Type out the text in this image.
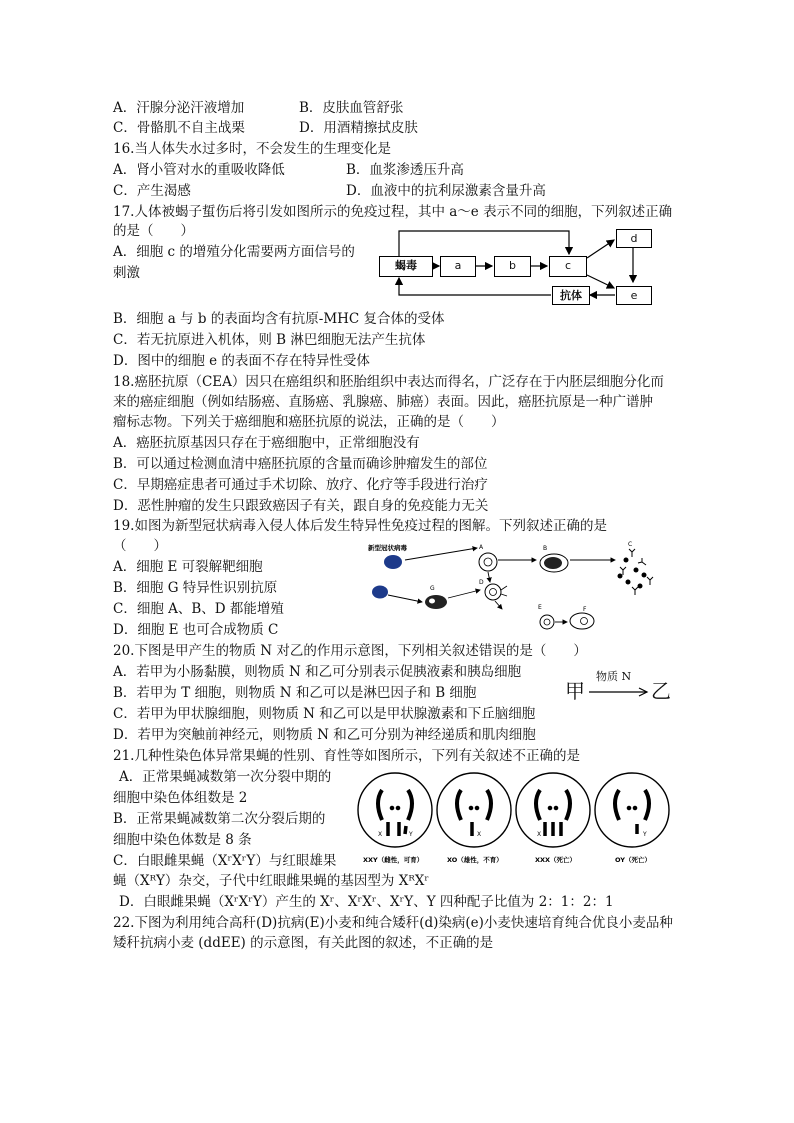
A．汗腺分泌汗液增加	B．皮肤血管舒张
C．骨骼肌不自主战栗	D．用酒精擦拭皮肤
16.当人体失水过多时，不会发生的生理变化是
A．肾小管对水的重吸收降低	B．血浆渗透压升高
C．产生渴感	D．血液中的抗利尿激素含量升高
17.人体被蝎子蜇伤后将引发如图所示的免疫过程，其中 a～e 表示不同的细胞，下列叙述正确
的是（　　）
A．细胞 c 的增殖分化需要两方面信号的
刺激	蝎毒	a	b	c
d
e
抗体
B．细胞 a 与 b 的表面均含有抗原-MHC 复合体的受体
C．若无抗原进入机体，则 B 淋巴细胞无法产生抗体
D．图中的细胞 e 的表面不存在特异性受体
18.癌胚抗原（CEA）因只在癌组织和胚胎组织中表达而得名，广泛存在于内胚层细胞分化而
来的癌症细胞（例如结肠癌、直肠癌、乳腺癌、肺癌）表面。因此，癌胚抗原是一种广谱肿
瘤标志物。下列关于癌细胞和癌胚抗原的说法，正确的是（　　）
A．癌胚抗原基因只存在于癌细胞中，正常细胞没有
B．可以通过检测血清中癌胚抗原的含量而确诊肿瘤发生的部位
C．早期癌症患者可通过手术切除、放疗、化疗等手段进行治疗
D．恶性肿瘤的发生只跟致癌因子有关，跟自身的免疫能力无关
19.如图为新型冠状病毒入侵人体后发生特异性免疫过程的图解。下列叙述正确的是
（　　）
A．细胞 E 可裂解靶细胞
B．细胞 G 特异性识别抗原
C．细胞 A、B、D 都能增殖
D．细胞 E 也可合成物质 C
新型冠状病毒	A	B
C
G
D
E	F
20.下图是甲产生的物质 N 对乙的作用示意图，下列相关叙述错误的是（　　）
A．若甲为小肠黏膜，则物质 N 和乙可分别表示促胰液素和胰岛细胞
B．若甲为 T 细胞，则物质 N 和乙可以是淋巴因子和 B 细胞
C．若甲为甲状腺细胞，则物质 N 和乙可以是甲状腺激素和下丘脑细胞
D．若甲为突触前神经元，则物质 N 和乙可分别为神经递质和肌肉细胞
甲
物质 N
乙
21.几种性染色体异常果蝇的性别、育性等如图所示，下列有关叙述不正确的是
A．正常果蝇减数第一次分裂中期的
细胞中染色体组数是 2
B．正常果蝇减数第二次分裂后期的
细胞中染色体数是 8 条
C．白眼雌果蝇（XʳXʳY）与红眼雄果
蝇（XᴿY）杂交，子代中红眼雌果蝇的基因型为 XᴿXʳ
D．白眼雌果蝇（XʳXʳY）产生的 Xʳ、XʳXʳ、XʳY、Y 四种配子比值为 2：1：2：1
X	Y	X	X	Y
XXY（雌性，可育）	XO（雄性，不育）	XXX（死亡）	OY（死亡）
22.下图为利用纯合高秆(D)抗病(E)小麦和纯合矮秆(d)染病(e)小麦快速培育纯合优良小麦品种
矮秆抗病小麦 (ddEE) 的示意图，有关此图的叙述，不正确的是
